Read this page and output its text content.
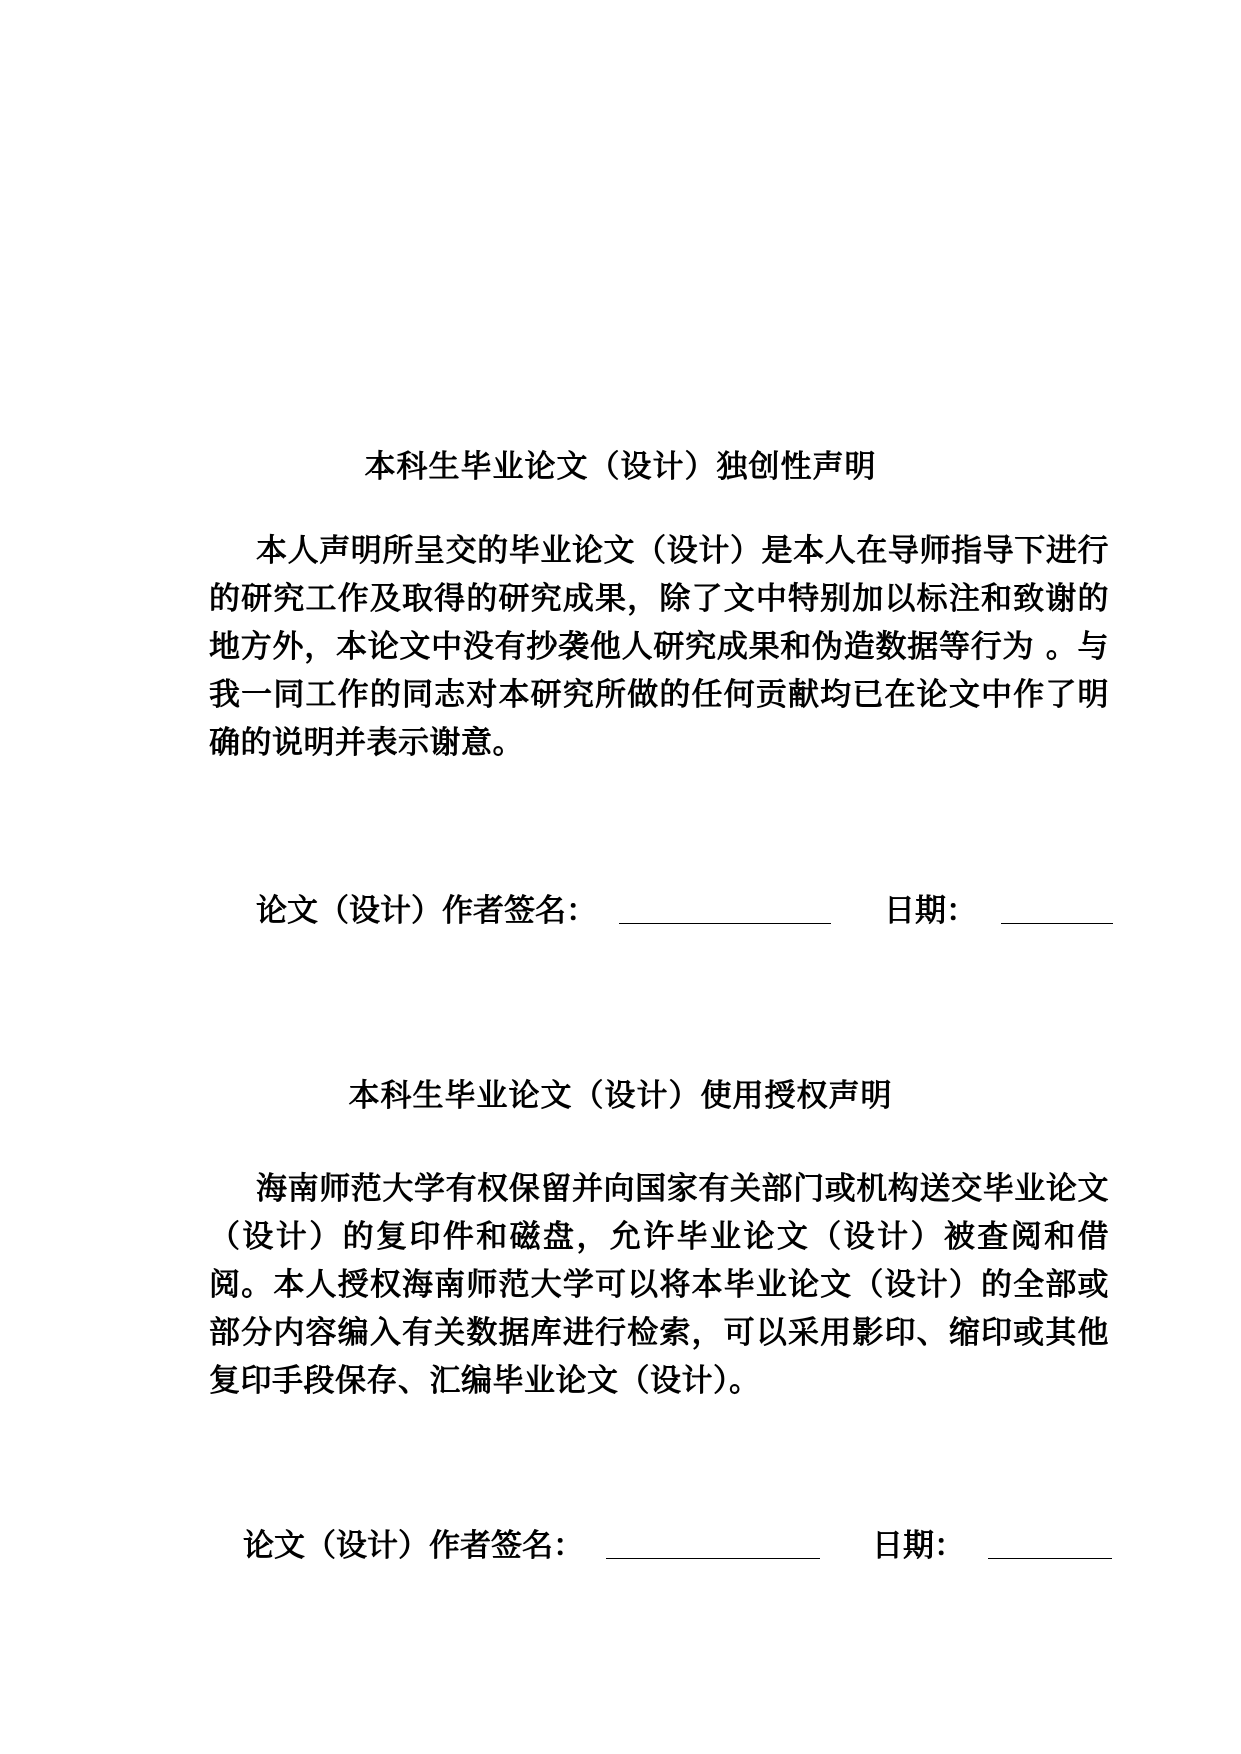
本科生毕业论文（设计）独创性声明
本人声明所呈交的毕业论文（设计）是本人在导师指导下进行的研究工作及取得的研究成果，除了文中特别加以标注和致谢的地方外，本论文中没有抄袭他人研究成果和伪造数据等行为 。与我一同工作的同志对本研究所做的任何贡献均已在论文中作了明确的说明并表示谢意。
论文（设计）作者签名：	日期：
本科生毕业论文（设计）使用授权声明
海南师范大学有权保留并向国家有关部门或机构送交毕业论文（设计）的复印件和磁盘，允许毕业论文（设计）被查阅和借阅。本人授权海南师范大学可以将本毕业论文（设计）的全部或部分内容编入有关数据库进行检索，可以采用影印、缩印或其他复印手段保存、汇编毕业论文（设计）。
论文（设计）作者签名：	日期：
